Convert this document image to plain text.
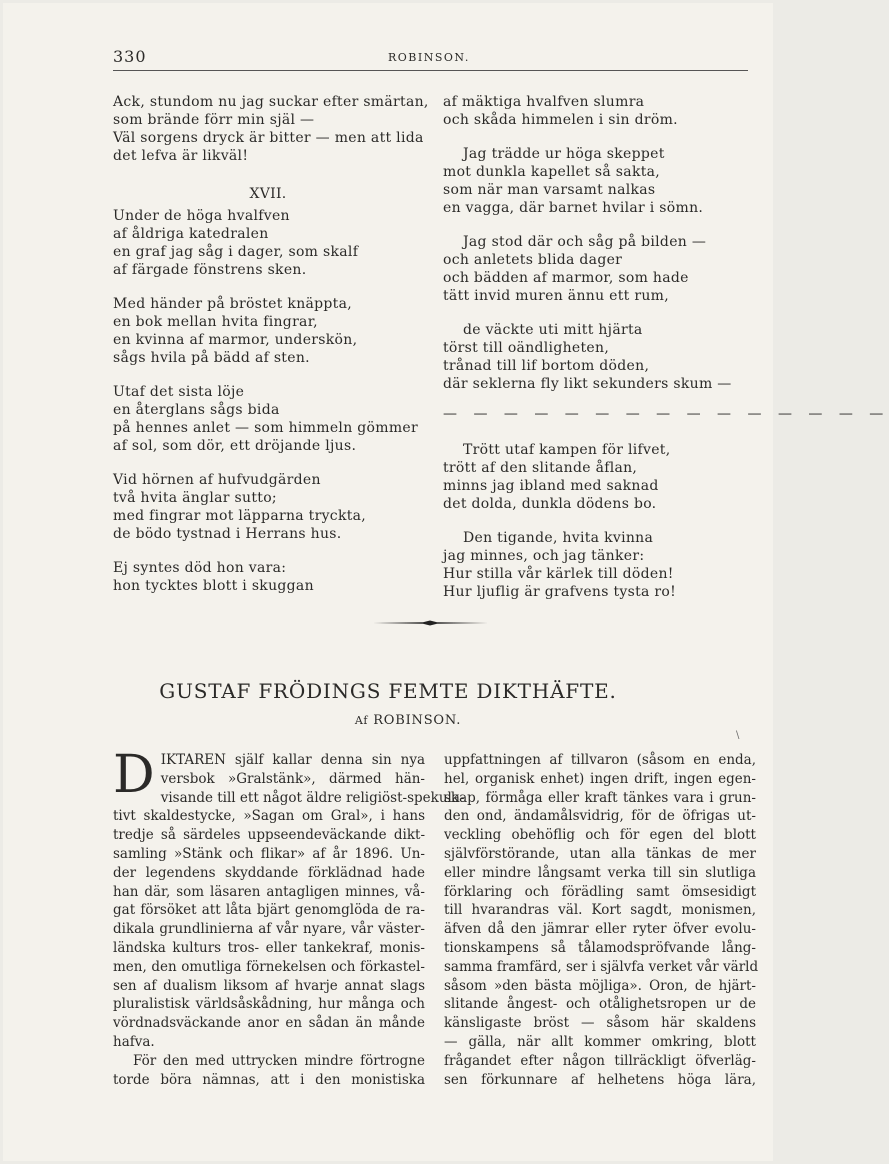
330	ROBINSON.
Ack, stundom nu jag suckar efter smärtan,
som brände förr min själ —
Väl sorgens dryck är bitter — men att lida
det lefva är likväl!
XVII.
Under de höga hvalfven
af åldriga katedralen
en graf jag såg i dager, som skalf
af färgade fönstrens sken.
Med händer på bröstet knäppta,
en bok mellan hvita fingrar,
en kvinna af marmor, underskön,
sågs hvila på bädd af sten.
Utaf det sista löje
en återglans sågs bida
på hennes anlet — som himmeln gömmer
af sol, som dör, ett dröjande ljus.
Vid hörnen af hufvudgärden
två hvita änglar sutto;
med fingrar mot läpparna tryckta,
de bödo tystnad i Herrans hus.
Ej syntes död hon vara:
hon tycktes blott i skuggan
af mäktiga hvalfven slumra
och skåda himmelen i sin dröm.
Jag trädde ur höga skeppet
mot dunkla kapellet så sakta,
som när man varsamt nalkas
en vagga, där barnet hvilar i sömn.
Jag stod där och såg på bilden —
och anletets blida dager
och bädden af marmor, som hade
tätt invid muren ännu ett rum,
de väckte uti mitt hjärta
törst till oändligheten,
trånad till lif bortom döden,
där seklerna fly likt sekunders skum —
— — — — — — — — — — — — — — —
Trött utaf kampen för lifvet,
trött af den slitande åflan,
minns jag ibland med saknad
det dolda, dunkla dödens bo.
Den tigande, hvita kvinna
jag minnes, och jag tänker:
Hur stilla vår kärlek till döden!
Hur ljuflig är grafvens tysta ro!
GUSTAF FRÖDINGS FEMTE DIKTHÄFTE.
Af ROBINSON.
\
D IKTAREN själf kallar denna sin nya
versbok »Gralstänk», därmed hän-
visande till ett något äldre religiöst-spekula-
tivt skaldestycke, »Sagan om Gral», i hans
tredje så särdeles uppseendeväckande dikt-
samling »Stänk och flikar» af år 1896. Un-
der legendens skyddande förklädnad hade
han där, som läsaren antagligen minnes, vå-
gat försöket att låta bjärt genomglöda de ra-
dikala grundlinierna af vår nyare, vår väster-
ländska kulturs tros- eller tankekraf, monis-
men, den omutliga förnekelsen och förkastel-
sen af dualism liksom af hvarje annat slags
pluralistisk världsåskådning, hur många och
vördnadsväckande anor en sådan än månde
hafva.
För den med uttrycken mindre förtrogne
torde böra nämnas, att i den monistiska
uppfattningen af tillvaron (såsom en enda,
hel, organisk enhet) ingen drift, ingen egen-
skap, förmåga eller kraft tänkes vara i grun-
den ond, ändamålsvidrig, för de öfrigas ut-
veckling obehöflig och för egen del blott
självförstörande, utan alla tänkas de mer
eller mindre långsamt verka till sin slutliga
förklaring och förädling samt ömsesidigt
till hvarandras väl. Kort sagdt, monismen,
äfven då den jämrar eller ryter öfver evolu-
tionskampens så tålamodspröfvande lång-
samma framfärd, ser i självfa verket vår värld
såsom »den bästa möjliga». Oron, de hjärt-
slitande ångest- och otålighetsropen ur de
känsligaste bröst — såsom här skaldens
— gälla, när allt kommer omkring, blott
frågandet efter någon tillräckligt öfverläg-
sen förkunnare af helhetens höga lära,
